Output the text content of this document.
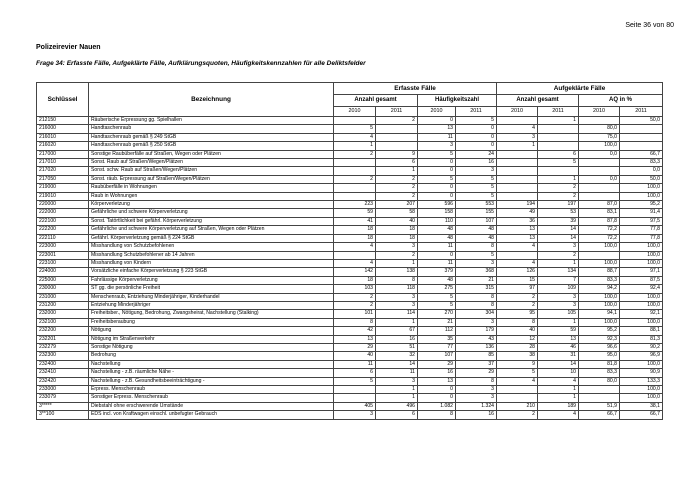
Seite 36 von 80
Polizeirevier Nauen
Frage 34: Erfasste Fälle, Aufgeklärte Fälle, Aufklärungsquoten, Häufigkeitskennzahlen für alle Deliktsfelder
Schlüssel	Bezeichnung	Erfasste Fälle				Aufgeklärte Fälle			
		Anzahl gesamt		Häufigkeitszahl		Anzahl gesamt		AQ in %	
		2010	2011	2010	2011	2010	2011	2010	2011
212150	Räuberische Erpressung gg. Spielhallen		2	0	5		1		50,0
216000	Handtaschenraub	5		13	0	4		80,0	
216010	Handtaschenraub gemäß § 249 StGB	4		11	0	3		75,0	
216020	Handtaschenraub gemäß § 250 StGB	1		3	0	1		100,0	
217000	Sonstige Raubüberfälle auf Straßen, Wegen oder Plätzen	2	9	5	24		6	0,0	66,7
217010	Sonst. Raub auf Straßen/Wegen/Plätzen		6	0	16		5		83,3
217020	Sonst. schw. Raub auf Straßen/Wegen/Plätzen		1	0	3				0,0
217050	Sonst. räub. Erpressung auf Straßen/Wegen/Plätzen	2	2	5	5		1	0,0	50,0
219000	Raubüberfälle in Wohnungen		2	0	5		2		100,0
219010	Raub in Wohnungen		2	0	5		2		100,0
220000	Körperverletzung	223	207	596	553	194	197	87,0	95,2
222000	Gefährliche und schwere Körperverletzung	59	58	158	155	49	53	83,1	91,4
222100	Sonst. Tatörtlichkeit bei gefährl. Körperverletzung	41	40	110	107	36	39	87,8	97,5
222200	Gefährliche und schwere Körperverletzung auf Straßen, Wegen oder Plätzen	18	18	48	48	13	14	72,2	77,8
222110	Gefährl. Körperverletzung gemäß § 224 StGB	18	18	48	48	13	14	72,2	77,8
223000	Misshandlung von Schutzbefohlenen	4	3	11	8	4	3	100,0	100,0
223001	Misshandlung Schutzbefohlener ab 14 Jahren		2	0	5		2		100,0
223100	Misshandlung von Kindern	4	1	11	3	4	1	100,0	100,0
224000	Vorsätzliche einfache Körperverletzung § 223 StGB	142	138	379	368	126	134	88,7	97,1
225000	Fahrlässige Körperverletzung	18	8	48	21	15	7	83,3	87,5
230000	ST gg. die persönliche Freiheit	103	118	275	315	97	109	94,2	92,4
231000	Menschenraub, Entziehung Minderjähriger, Kinderhandel	2	3	5	8	2	3	100,0	100,0
231200	Entziehung Minderjähriger	2	3	5	8	2	3	100,0	100,0
232000	Freiheitsber., Nötigung, Bedrohung, Zwangsheirat, Nachstellung (Stalking)	101	114	270	304	95	105	94,1	92,1
232100	Freiheitsberaubung	8	1	21	3	8	1	100,0	100,0
232200	Nötigung	42	67	112	179	40	59	95,2	88,1
232201	Nötigung im Straßenverkehr	13	16	35	43	12	13	92,3	81,3
232279	Sonstige Nötigung	29	51	77	136	28	46	96,6	90,2
232300	Bedrohung	40	32	107	85	38	31	95,0	96,9
232400	Nachstellung	11	14	29	37	9	14	81,8	100,0
232410	Nachstellung - z.B. räumliche Nähe -	6	11	16	29	5	10	83,3	90,9
232420	Nachstellung - z.B. Gesundheitsbeeinträchtigung -	5	3	13	8	4	4	80,0	133,3
233000	Erpress. Menschenraub		1	0	3		1		100,0
233079	Sonstiger Erpress. Menschenraub		1	0	3		1		100,0
3*****	Diebstahl ohne erschwerende Umstände	405	496	1.082	1.324	210	189	51,9	38,1
3**100	EDS incl. von Kraftwagen einschl. unbefugter Gebrauch	3	6	8	16	2	4	66,7	66,7
